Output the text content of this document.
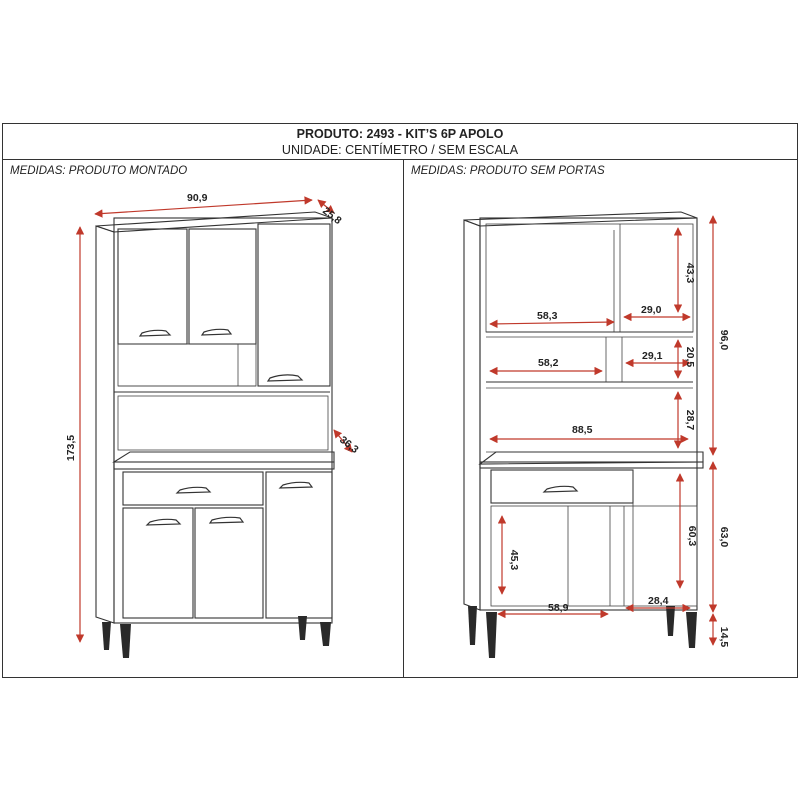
PRODUTO: 2493 - KIT’S 6P APOLO
UNIDADE: CENTÍMETRO / SEM ESCALA
MEDIDAS: PRODUTO MONTADO	MEDIDAS: PRODUTO SEM PORTAS
90,9
25,8
173,5	36,3
58,3	29,0
43,3
58,2
29,1 20,5
88,5	28,7
96,0
60,3
45,3
58,9
28,4
63,0
14,5
